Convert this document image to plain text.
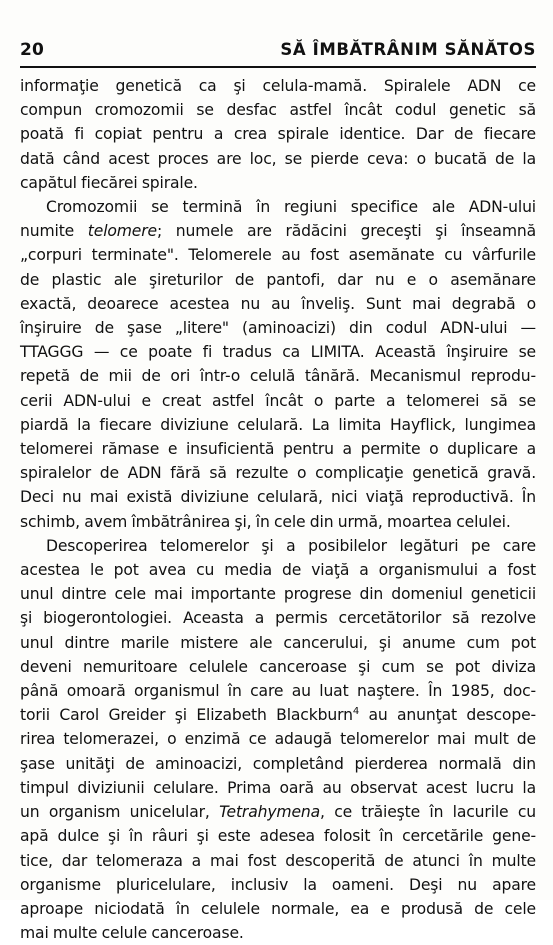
20	SĂ ÎMBĂTRÂNIM SĂNĂTOS
informaţie genetică ca şi celula-mamă. Spiralele ADN ce
compun cromozomii se desfac astfel încât codul genetic să
poată fi copiat pentru a crea spirale identice. Dar de fiecare
dată când acest proces are loc, se pierde ceva: o bucată de la
capătul fiecărei spirale.
Cromozomii se termină în regiuni specifice ale ADN-ului
numite telomere; numele are rădăcini greceşti şi înseamnă
„corpuri terminate". Telomerele au fost asemănate cu vârfurile
de plastic ale şireturilor de pantofi, dar nu e o asemănare
exactă, deoarece acestea nu au înveliş. Sunt mai degrabă o
înşiruire de şase „litere" (aminoacizi) din codul ADN-ului —
TTAGGG — ce poate fi tradus ca LIMITA. Această înşiruire se
repetă de mii de ori într-o celulă tânără. Mecanismul reprodu-
cerii ADN-ului e creat astfel încât o parte a telomerei să se
piardă la fiecare diviziune celulară. La limita Hayflick, lungimea
telomerei rămase e insuficientă pentru a permite o duplicare a
spiralelor de ADN fără să rezulte o complicaţie genetică gravă.
Deci nu mai există diviziune celulară, nici viaţă reproductivă. În
schimb, avem îmbătrânirea şi, în cele din urmă, moartea celulei.
Descoperirea telomerelor şi a posibilelor legături pe care
acestea le pot avea cu media de viaţă a organismului a fost
unul dintre cele mai importante progrese din domeniul geneticii
şi biogerontologiei. Aceasta a permis cercetătorilor să rezolve
unul dintre marile mistere ale cancerului, şi anume cum pot
deveni nemuritoare celulele canceroase şi cum se pot diviza
până omoară organismul în care au luat naştere. În 1985, doc-
torii Carol Greider şi Elizabeth Blackburn$^4$ au anunţat descope-
rirea telomerazei, o enzimă ce adaugă telomerelor mai mult de
şase unităţi de aminoacizi, completând pierderea normală din
timpul diviziunii celulare. Prima oară au observat acest lucru la
un organism unicelular, Tetrahymena, ce trăieşte în lacurile cu
apă dulce şi în râuri şi este adesea folosit în cercetările gene-
tice, dar telomeraza a mai fost descoperită de atunci în multe
organisme pluricelulare, inclusiv la oameni. Deşi nu apare
aproape niciodată în celulele normale, ea e produsă de cele
mai multe celule canceroase.
